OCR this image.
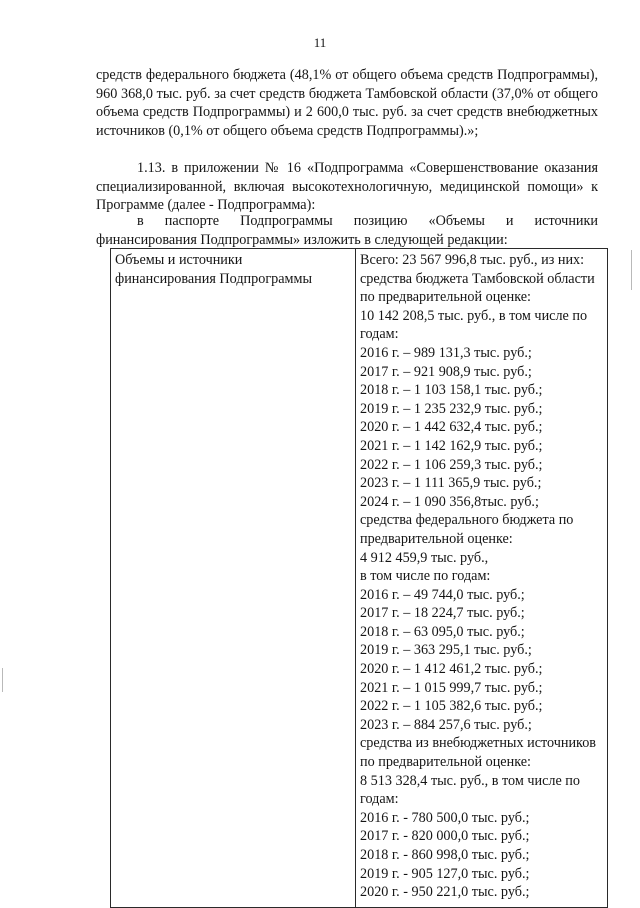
11

средств федерального бюджета (48,1% от общего объема средств Подпрограммы), 960 368,0 тыс. руб. за счет средств бюджета Тамбовской области (37,0% от общего объема средств Подпрограммы) и 2 600,0 тыс. руб. за счет средств внебюджетных источников (0,1% от общего объема средств Подпрограммы).»;

1.13. в приложении № 16 «Подпрограмма «Совершенствование оказания специализированной, включая высокотехнологичную, медицинской помощи» к Программе (далее - Подпрограмма):

в паспорте Подпрограммы позицию «Объемы и источники
финансирования Подпрограммы» изложить в следующей редакции:
Объемы и источники
финансирования Подпрограммы

Всего: 23 567 996,8 тыс. руб., из них:
средства бюджета Тамбовской области
по предварительной оценке:
10 142 208,5 тыс. руб., в том числе по
годам:
2016 г. – 989 131,3 тыс. руб.;
2017 г. – 921 908,9 тыс. руб.;
2018 г. – 1 103 158,1 тыс. руб.;
2019 г. – 1 235 232,9 тыс. руб.;
2020 г. – 1 442 632,4 тыс. руб.;
2021 г. – 1 142 162,9 тыс. руб.;
2022 г. – 1 106 259,3 тыс. руб.;
2023 г. – 1 111 365,9 тыс. руб.;
2024 г. – 1 090 356,8тыс. руб.;
средства федерального бюджета по
предварительной оценке:
4 912 459,9 тыс. руб.,
в том числе по годам:
2016 г. – 49 744,0 тыс. руб.;
2017 г. – 18 224,7 тыс. руб.;
2018 г. – 63 095,0 тыс. руб.;
2019 г. – 363 295,1 тыс. руб.;
2020 г. – 1 412 461,2 тыс. руб.;
2021 г. – 1 015 999,7 тыс. руб.;
2022 г. – 1 105 382,6 тыс. руб.;
2023 г. – 884 257,6 тыс. руб.;
средства из внебюджетных источников
по предварительной оценке:
8 513 328,4 тыс. руб., в том числе по
годам:
2016 г. - 780 500,0 тыс. руб.;
2017 г. - 820 000,0 тыс. руб.;
2018 г. - 860 998,0 тыс. руб.;
2019 г. - 905 127,0 тыс. руб.;
2020 г. - 950 221,0 тыс. руб.;
